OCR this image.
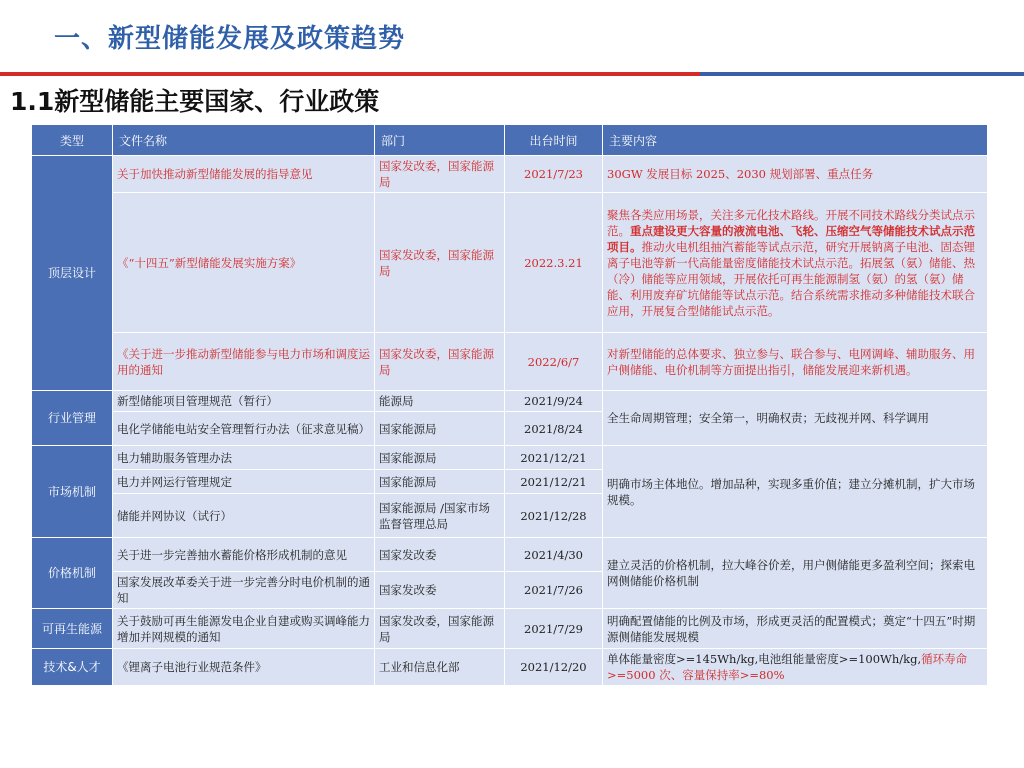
一、新型储能发展及政策趋势
1.1新型储能主要国家、行业政策
类型	文件名称	部门	出台时间	主要内容
顶层设计	关于加快推动新型储能发展的指导意见	国家发改委，国家能源局	2021/7/23	30GW 发展目标 2025、2030 规划部署、重点任务
	《“十四五”新型储能发展实施方案》	国家发改委，国家能源局	2022.3.21	聚焦各类应用场景，关注多元化技术路线。开展不同技术路线分类试点示范。重点建设更大容量的液流电池、飞轮、压缩空气等储能技术试点示范项目。推动火电机组抽汽蓄能等试点示范，研究开展钠离子电池、固态锂离子电池等新一代高能量密度储能技术试点示范。拓展氢（氨）储能、热（冷）储能等应用领域，开展依托可再生能源制氢（氨）的氢（氨）储能、利用废弃矿坑储能等试点示范。结合系统需求推动多种储能技术联合应用，开展复合型储能试点示范。
	《关于进一步推动新型储能参与电力市场和调度运用的通知	国家发改委，国家能源局	2022/6/7	对新型储能的总体要求、独立参与、联合参与、电网调峰、辅助服务、用户侧储能、电价机制等方面提出指引，储能发展迎来新机遇。
行业管理	新型储能项目管理规范（暂行）	能源局	2021/9/24	全生命周期管理；安全第一，明确权责；无歧视并网、科学调用
	电化学储能电站安全管理暂行办法（征求意见稿）	国家能源局	2021/8/24	
市场机制	电力辅助服务管理办法	国家能源局	2021/12/21	明确市场主体地位。增加品种，实现多重价值；建立分摊机制，扩大市场规模。
	电力并网运行管理规定	国家能源局	2021/12/21	
	储能并网协议（试行）	国家能源局 /国家市场监督管理总局	2021/12/28	
价格机制	关于进一步完善抽水蓄能价格形成机制的意见	国家发改委	2021/4/30	建立灵活的价格机制，拉大峰谷价差，用户侧储能更多盈利空间；探索电网侧储能价格机制
	国家发展改革委关于进一步完善分时电价机制的通知	国家发改委	2021/7/26	
可再生能源	关于鼓励可再生能源发电企业自建或购买调峰能力增加并网规模的通知	国家发改委，国家能源局	2021/7/29	明确配置储能的比例及市场，形成更灵活的配置模式；奠定“十四五”时期源侧储能发展规模
技术&人才	《锂离子电池行业规范条件》	工业和信息化部	2021/12/20	单体能量密度>=145Wh/kg,电池组能量密度>=100Wh/kg,循环寿命>=5000 次、容量保持率>=80%
